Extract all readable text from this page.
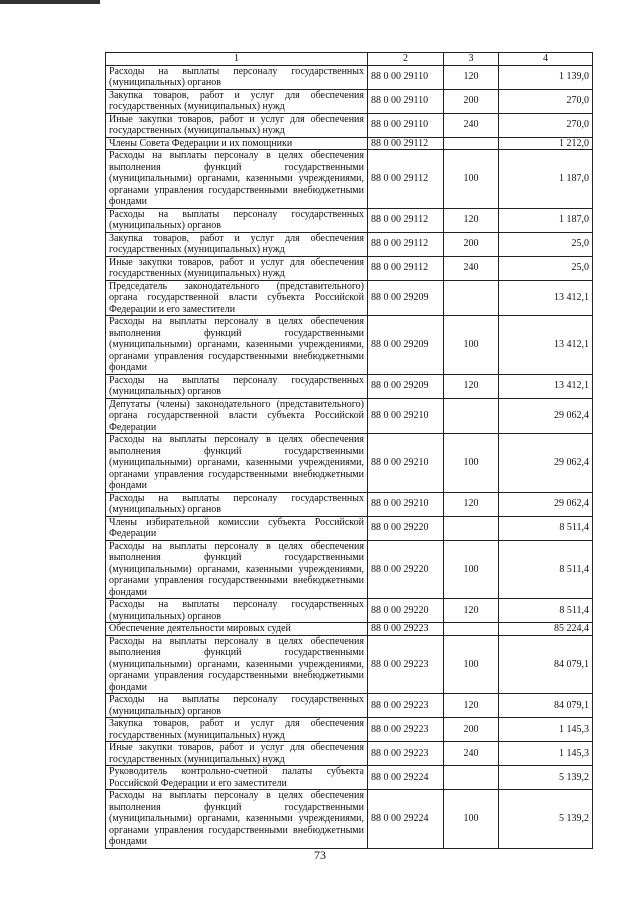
1	2	3	4
Расходы на выплаты персоналу государственных (муниципальных) органов	88 0 00 29110	120	1 139,0
Закупка товаров, работ и услуг для обеспечения государственных (муниципальных) нужд	88 0 00 29110	200	270,0
Иные закупки товаров, работ и услуг для обеспечения государственных (муниципальных) нужд	88 0 00 29110	240	270,0
Члены Совета Федерации и их помощники	88 0 00 29112		1 212,0
Расходы на выплаты персоналу в целях обеспечения выполнения функций государственными (муниципальными) органами, казенными учреждениями, органами управления государственными внебюджетными фондами	88 0 00 29112	100	1 187,0
Расходы на выплаты персоналу государственных (муниципальных) органов	88 0 00 29112	120	1 187,0
Закупка товаров, работ и услуг для обеспечения государственных (муниципальных) нужд	88 0 00 29112	200	25,0
Иные закупки товаров, работ и услуг для обеспечения государственных (муниципальных) нужд	88 0 00 29112	240	25,0
Председатель законодательного (представительного) органа государственной власти субъекта Российской Федерации и его заместители	88 0 00 29209		13 412,1
Расходы на выплаты персоналу в целях обеспечения выполнения функций государственными (муниципальными) органами, казенными учреждениями, органами управления государственными внебюджетными фондами	88 0 00 29209	100	13 412,1
Расходы на выплаты персоналу государственных (муниципальных) органов	88 0 00 29209	120	13 412,1
Депутаты (члены) законодательного (представительного) органа государственной власти субъекта Российской Федерации	88 0 00 29210		29 062,4
Расходы на выплаты персоналу в целях обеспечения выполнения функций государственными (муниципальными) органами, казенными учреждениями, органами управления государственными внебюджетными фондами	88 0 00 29210	100	29 062,4
Расходы на выплаты персоналу государственных (муниципальных) органов	88 0 00 29210	120	29 062,4
Члены избирательной комиссии субъекта Российской Федерации	88 0 00 29220		8 511,4
Расходы на выплаты персоналу в целях обеспечения выполнения функций государственными (муниципальными) органами, казенными учреждениями, органами управления государственными внебюджетными фондами	88 0 00 29220	100	8 511,4
Расходы на выплаты персоналу государственных (муниципальных) органов	88 0 00 29220	120	8 511,4
Обеспечение деятельности мировых судей	88 0 00 29223		85 224,4
Расходы на выплаты персоналу в целях обеспечения выполнения функций государственными (муниципальными) органами, казенными учреждениями, органами управления государственными внебюджетными фондами	88 0 00 29223	100	84 079,1
Расходы на выплаты персоналу государственных (муниципальных) органов	88 0 00 29223	120	84 079,1
Закупка товаров, работ и услуг для обеспечения государственных (муниципальных) нужд	88 0 00 29223	200	1 145,3
Иные закупки товаров, работ и услуг для обеспечения государственных (муниципальных) нужд	88 0 00 29223	240	1 145,3
Руководитель контрольно-счетной палаты субъекта Российской Федерации и его заместители	88 0 00 29224		5 139,2
Расходы на выплаты персоналу в целях обеспечения выполнения функций государственными (муниципальными) органами, казенными учреждениями, органами управления государственными внебюджетными фондами	88 0 00 29224	100	5 139,2
73
